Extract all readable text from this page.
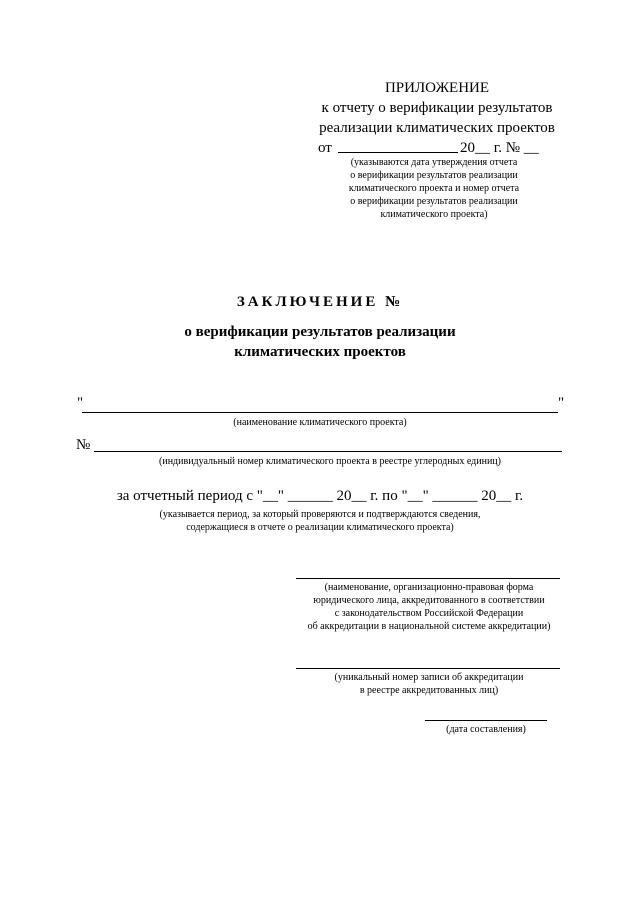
ПРИЛОЖЕНИЕ
к отчету о верификации результатов
реализации климатических проектов
от	20__ г. № __
(указываются дата утверждения отчета
о верификации результатов реализации
климатического проекта и номер отчета
о верификации результатов реализации
климатического проекта)
ЗАКЛЮЧЕНИЕ №
о верификации результатов реализации
климатических проектов
"	"
(наименование климатического проекта)
№
(индивидуальный номер климатического проекта в реестре углеродных единиц)
за отчетный период с "__" ______ 20__ г. по "__" ______ 20__ г.
(указывается период, за который проверяются и подтверждаются сведения,
содержащиеся в отчете о реализации климатического проекта)
(наименование, организационно-правовая форма
юридического лица, аккредитованного в соответствии
с законодательством Российской Федерации
об аккредитации в национальной системе аккредитации)
(уникальный номер записи об аккредитации
в реестре аккредитованных лиц)
(дата составления)
